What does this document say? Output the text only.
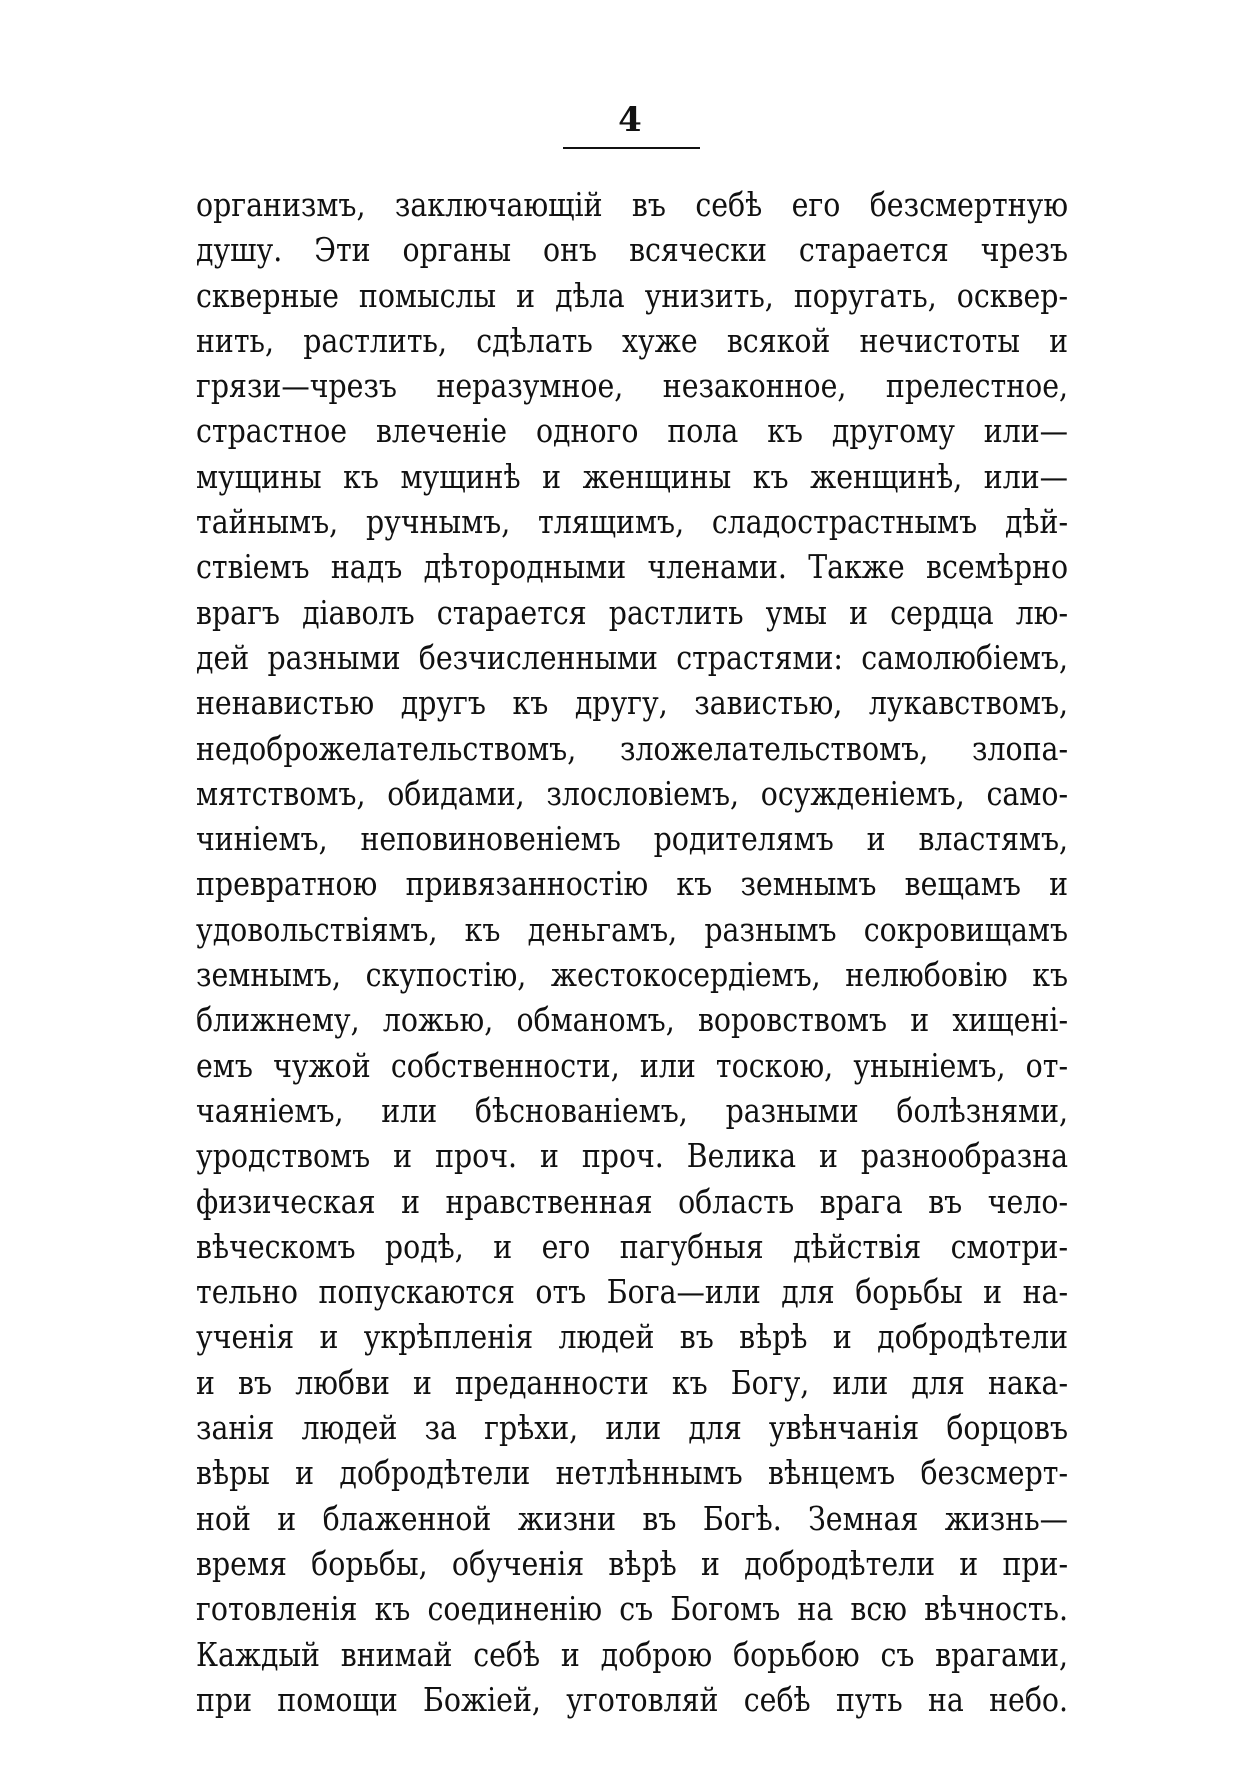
4
организмъ, заключающій въ себѣ его безсмертную
душу. Эти органы онъ всячески старается чрезъ
скверные помыслы и дѣла унизить, поругать, осквер-
нить, растлить, сдѣлать хуже всякой нечистоты и
грязи—чрезъ неразумное, незаконное, прелестное,
страстное влеченіе одного пола къ другому или—
мущины къ мущинѣ и женщины къ женщинѣ, или—
тайнымъ, ручнымъ, тлящимъ, сладострастнымъ дѣй-
ствіемъ надъ дѣтородными членами. Также всемѣрно
врагъ діаволъ старается растлить умы и сердца лю-
дей разными безчисленными страстями: самолюбіемъ,
ненавистью другъ къ другу, завистью, лукавствомъ,
недоброжелательствомъ, зложелательствомъ, злопа-
мятствомъ, обидами, злословіемъ, осужденіемъ, само-
чиніемъ, неповиновеніемъ родителямъ и властямъ,
превратною привязанностію къ земнымъ вещамъ и
удовольствіямъ, къ деньгамъ, разнымъ сокровищамъ
земнымъ, скупостію, жестокосердіемъ, нелюбовію къ
ближнему, ложью, обманомъ, воровствомъ и хищені-
емъ чужой собственности, или тоскою, уныніемъ, от-
чаяніемъ, или бѣснованіемъ, разными болѣзнями,
уродствомъ и проч. и проч. Велика и разнообразна
физическая и нравственная область врага въ чело-
вѣческомъ родѣ, и его пагубныя дѣйствія смотри-
тельно попускаются отъ Бога—или для борьбы и на-
ученія и укрѣпленія людей въ вѣрѣ и добродѣтели
и въ любви и преданности къ Богу, или для нака-
занія людей за грѣхи, или для увѣнчанія борцовъ
вѣры и добродѣтели нетлѣннымъ вѣнцемъ безсмерт-
ной и блаженной жизни въ Богѣ. Земная жизнь—
время борьбы, обученія вѣрѣ и добродѣтели и при-
готовленія къ соединенію съ Богомъ на всю вѣчность.
Каждый внимай себѣ и доброю борьбою съ врагами,
при помощи Божіей, уготовляй себѣ путь на небо.
